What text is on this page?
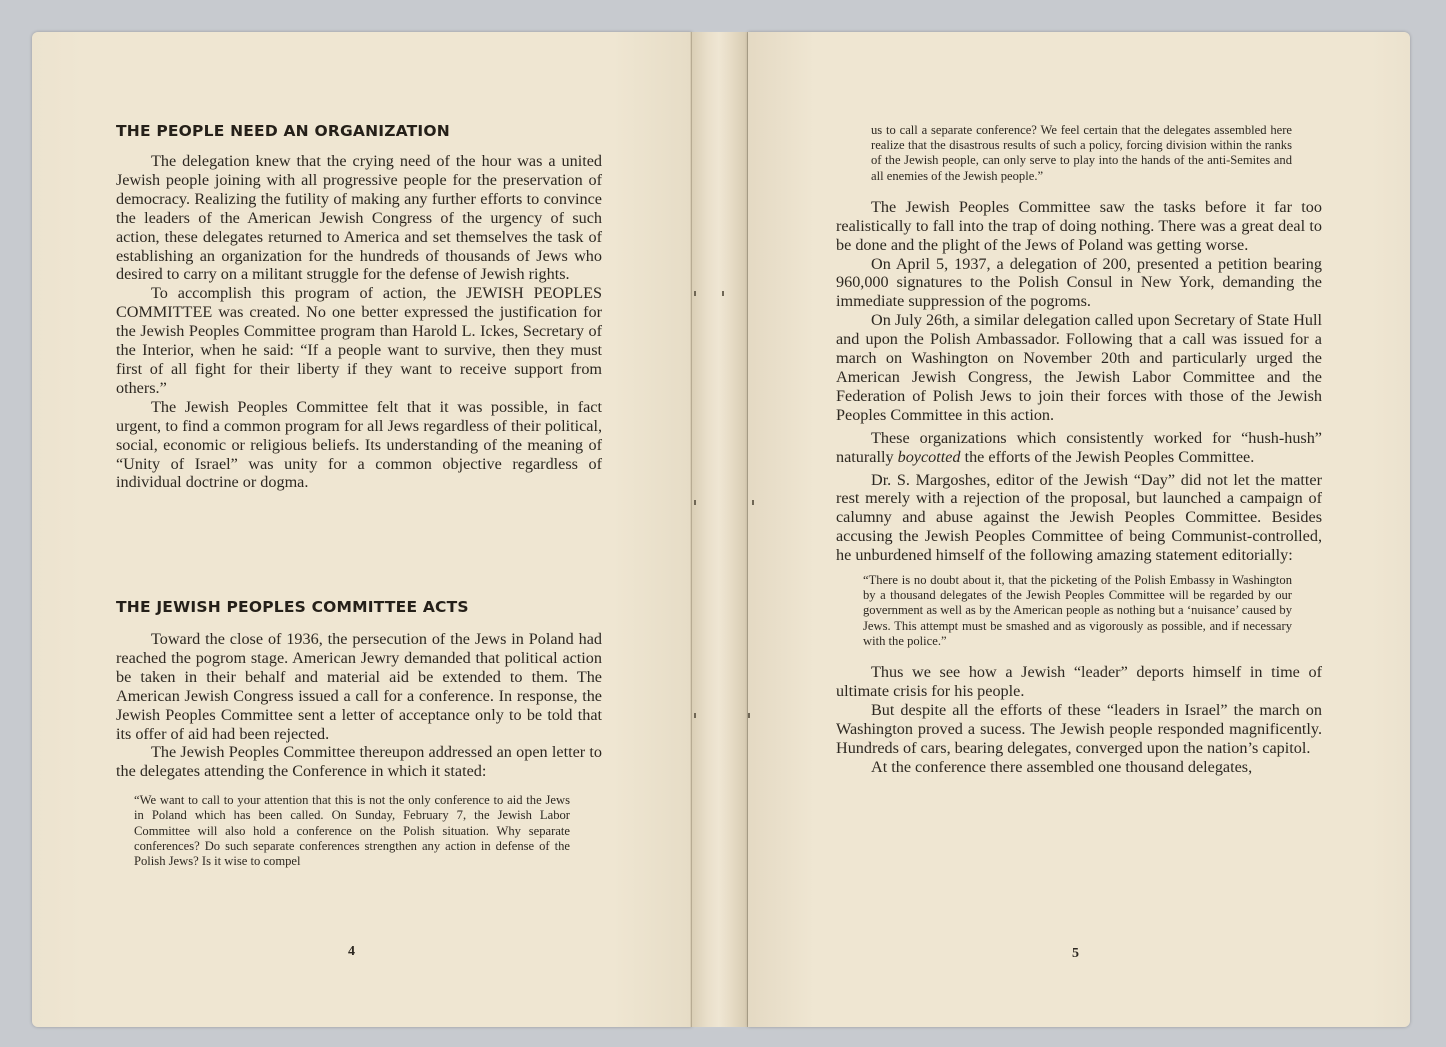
THE PEOPLE NEED AN ORGANIZATION

The delegation knew that the crying need of the hour was a united Jewish people joining with all progressive people for the preservation of democracy. Realizing the futility of making any further efforts to convince the leaders of the American Jewish Congress of the urgency of such action, these delegates returned to America and set themselves the task of establishing an organization for the hundreds of thousands of Jews who desired to carry on a militant struggle for the defense of Jewish rights.

To accomplish this program of action, the JEWISH PEOPLES COMMITTEE was created. No one better expressed the justification for the Jewish Peoples Committee program than Harold L. Ickes, Secretary of the Interior, when he said: “If a people want to survive, then they must first of all fight for their liberty if they want to receive support from others.”

The Jewish Peoples Committee felt that it was possible, in fact urgent, to find a common program for all Jews regardless of their political, social, economic or religious beliefs. Its understanding of the meaning of “Unity of Israel” was unity for a common objective regardless of individual doctrine or dogma.

THE JEWISH PEOPLES COMMITTEE ACTS

Toward the close of 1936, the persecution of the Jews in Poland had reached the pogrom stage. American Jewry demanded that political action be taken in their behalf and material aid be extended to them. The American Jewish Congress issued a call for a conference. In response, the Jewish Peoples Committee sent a letter of acceptance only to be told that its offer of aid had been rejected.

The Jewish Peoples Committee thereupon addressed an open letter to the delegates attending the Conference in which it stated:

“We want to call to your attention that this is not the only conference to aid the Jews in Poland which has been called. On Sunday, February 7, the Jewish Labor Committee will also hold a conference on the Polish situation. Why separate conferences? Do such separate conferences strengthen any action in defense of the Polish Jews? Is it wise to compel

4

us to call a separate conference? We feel certain that the delegates assembled here realize that the disastrous results of such a policy, forcing division within the ranks of the Jewish people, can only serve to play into the hands of the anti-Semites and all enemies of the Jewish people.”

The Jewish Peoples Committee saw the tasks before it far too realistically to fall into the trap of doing nothing. There was a great deal to be done and the plight of the Jews of Poland was getting worse.

On April 5, 1937, a delegation of 200, presented a petition bearing 960,000 signatures to the Polish Consul in New York, demanding the immediate suppression of the pogroms.

On July 26th, a similar delegation called upon Secretary of State Hull and upon the Polish Ambassador. Following that a call was issued for a march on Washington on November 20th and particularly urged the American Jewish Congress, the Jewish Labor Committee and the Federation of Polish Jews to join their forces with those of the Jewish Peoples Committee in this action.

These organizations which consistently worked for “hush-hush” naturally boycotted the efforts of the Jewish Peoples Committee.

Dr. S. Margoshes, editor of the Jewish “Day” did not let the matter rest merely with a rejection of the proposal, but launched a campaign of calumny and abuse against the Jewish Peoples Committee. Besides accusing the Jewish Peoples Committee of being Communist-controlled, he unburdened himself of the following amazing statement editorially:

“There is no doubt about it, that the picketing of the Polish Embassy in Washington by a thousand delegates of the Jewish Peoples Committee will be regarded by our government as well as by the American people as nothing but a ‘nuisance’ caused by Jews. This attempt must be smashed and as vigorously as possible, and if necessary with the police.”

Thus we see how a Jewish “leader” deports himself in time of ultimate crisis for his people.

But despite all the efforts of these “leaders in Israel” the march on Washington proved a sucess. The Jewish people responded magnificently. Hundreds of cars, bearing delegates, converged upon the nation’s capitol.

At the conference there assembled one thousand delegates,

5
